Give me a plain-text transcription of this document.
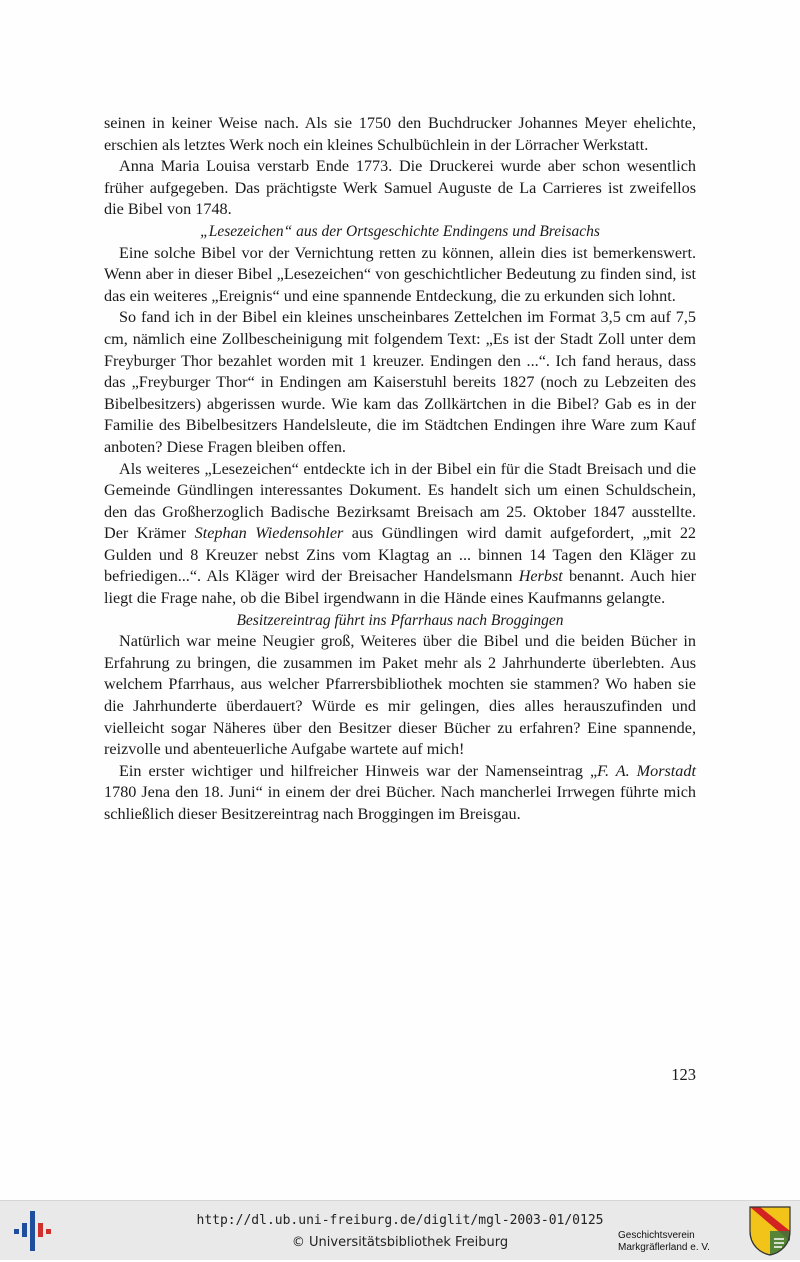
seinen in keiner Weise nach. Als sie 1750 den Buchdrucker Johannes Meyer ehelichte, erschien als letztes Werk noch ein kleines Schulbüchlein in der Lörracher Werkstatt.

Anna Maria Louisa verstarb Ende 1773. Die Druckerei wurde aber schon wesentlich früher aufgegeben. Das prächtigste Werk Samuel Auguste de La Carrieres ist zweifellos die Bibel von 1748.

„Lesezeichen“ aus der Ortsgeschichte Endingens und Breisachs

Eine solche Bibel vor der Vernichtung retten zu können, allein dies ist bemerkenswert. Wenn aber in dieser Bibel „Lesezeichen“ von geschichtlicher Bedeutung zu finden sind, ist das ein weiteres „Ereignis“ und eine spannende Entdeckung, die zu erkunden sich lohnt.

So fand ich in der Bibel ein kleines unscheinbares Zettelchen im Format 3,5 cm auf 7,5 cm, nämlich eine Zollbescheinigung mit folgendem Text: „Es ist der Stadt Zoll unter dem Freyburger Thor bezahlet worden mit 1 kreuzer. Endingen den ...“. Ich fand heraus, dass das „Freyburger Thor“ in Endingen am Kaiserstuhl bereits 1827 (noch zu Lebzeiten des Bibelbesitzers) abgerissen wurde. Wie kam das Zollkärtchen in die Bibel? Gab es in der Familie des Bibelbesitzers Handelsleute, die im Städtchen Endingen ihre Ware zum Kauf anboten? Diese Fragen bleiben offen.

Als weiteres „Lesezeichen“ entdeckte ich in der Bibel ein für die Stadt Breisach und die Gemeinde Gündlingen interessantes Dokument. Es handelt sich um einen Schuldschein, den das Großherzoglich Badische Bezirksamt Breisach am 25. Oktober 1847 ausstellte. Der Krämer Stephan Wiedensohler aus Gündlingen wird damit aufgefordert, „mit 22 Gulden und 8 Kreuzer nebst Zins vom Klagtag an ... binnen 14 Tagen den Kläger zu befriedigen...“. Als Kläger wird der Breisacher Handelsmann Herbst benannt. Auch hier liegt die Frage nahe, ob die Bibel irgendwann in die Hände eines Kaufmanns gelangte.

Besitzereintrag führt ins Pfarrhaus nach Broggingen

Natürlich war meine Neugier groß, Weiteres über die Bibel und die beiden Bücher in Erfahrung zu bringen, die zusammen im Paket mehr als 2 Jahrhunderte überlebten. Aus welchem Pfarrhaus, aus welcher Pfarrersbibliothek mochten sie stammen? Wo haben sie die Jahrhunderte überdauert? Würde es mir gelingen, dies alles herauszufinden und vielleicht sogar Näheres über den Besitzer dieser Bücher zu erfahren? Eine spannende, reizvolle und abenteuerliche Aufgabe wartete auf mich!

Ein erster wichtiger und hilfreicher Hinweis war der Namenseintrag „F. A. Morstadt 1780 Jena den 18. Juni“ in einem der drei Bücher. Nach mancherlei Irrwegen führte mich schließlich dieser Besitzereintrag nach Broggingen im Breisgau.

123
http://dl.ub.uni-freiburg.de/diglit/mgl-2003-01/0125
© Universitätsbibliothek Freiburg	Geschichtsverein
Markgräflerland e. V.
